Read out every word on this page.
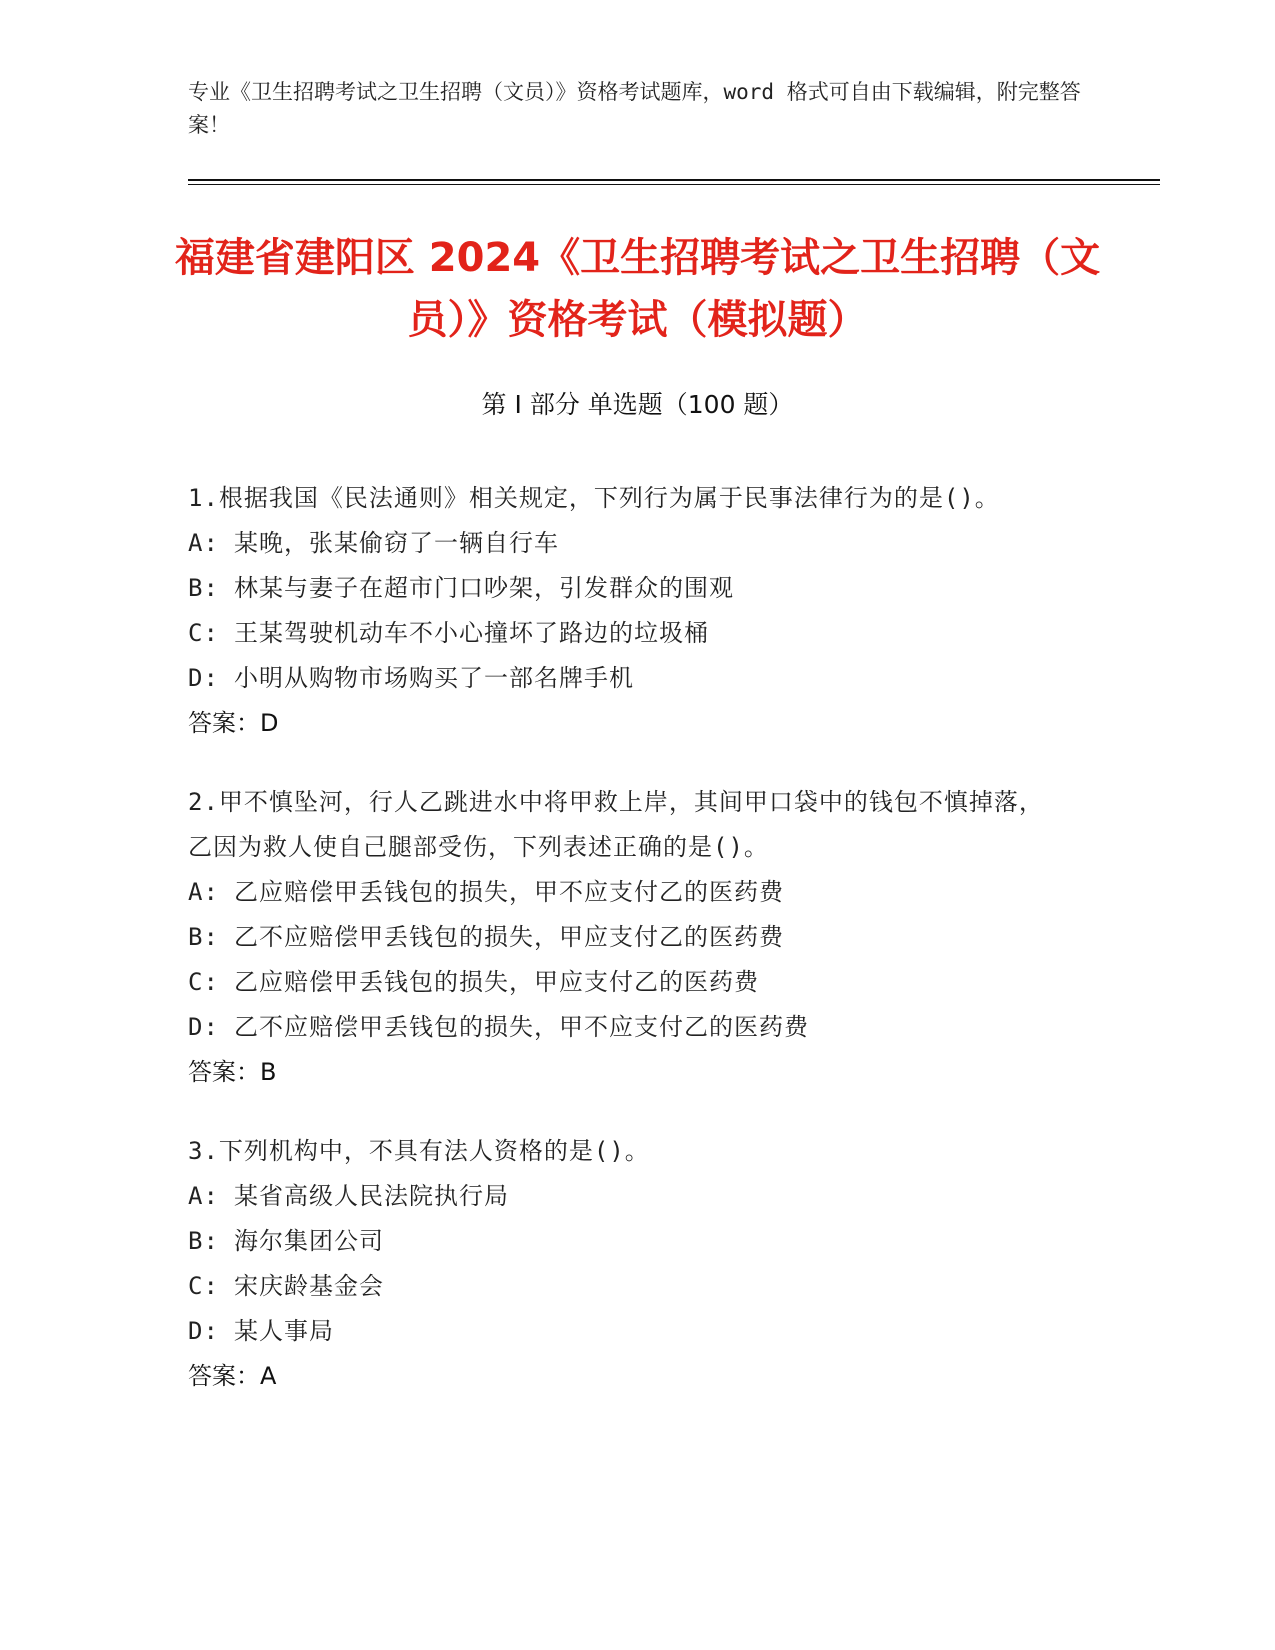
专业《卫生招聘考试之卫生招聘（文员）》资格考试题库，word 格式可自由下载编辑，附完整答案！
福建省建阳区 2024《卫生招聘考试之卫生招聘（文员）》资格考试（模拟题）
第 I 部分 单选题（100 题）
1.根据我国《民法通则》相关规定，下列行为属于民事法律行为的是()。
A: 某晚，张某偷窃了一辆自行车
B: 林某与妻子在超市门口吵架，引发群众的围观
C: 王某驾驶机动车不小心撞坏了路边的垃圾桶
D: 小明从购物市场购买了一部名牌手机
答案：D
2.甲不慎坠河，行人乙跳进水中将甲救上岸，其间甲口袋中的钱包不慎掉落，乙因为救人使自己腿部受伤，下列表述正确的是()。
A: 乙应赔偿甲丢钱包的损失，甲不应支付乙的医药费
B: 乙不应赔偿甲丢钱包的损失，甲应支付乙的医药费
C: 乙应赔偿甲丢钱包的损失，甲应支付乙的医药费
D: 乙不应赔偿甲丢钱包的损失，甲不应支付乙的医药费
答案：B
3.下列机构中，不具有法人资格的是()。
A: 某省高级人民法院执行局
B: 海尔集团公司
C: 宋庆龄基金会
D: 某人事局
答案：A
